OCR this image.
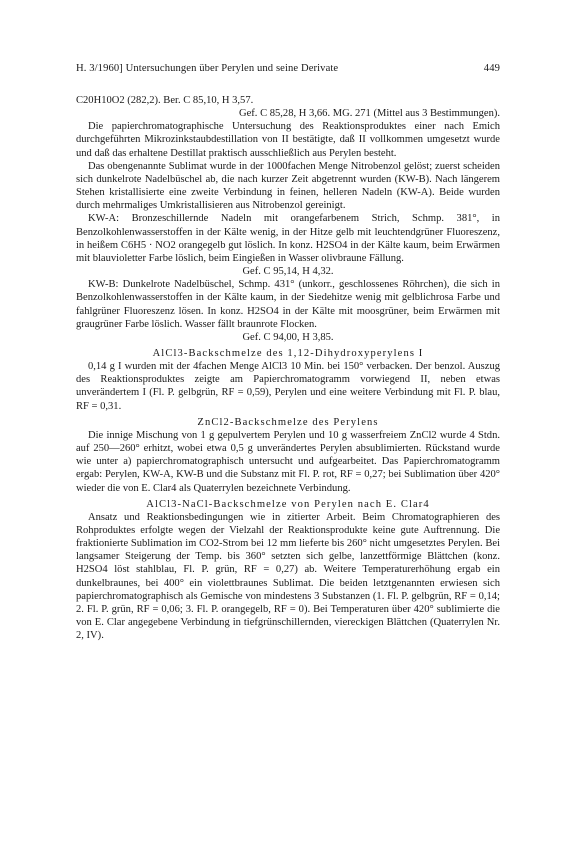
H. 3/1960] Untersuchungen über Perylen und seine Derivate	449

C20H10O2 (282,2). Ber. C 85,10, H 3,57.

Gef. C 85,28, H 3,66. MG. 271 (Mittel aus 3 Bestimmungen).

Die papierchromatographische Untersuchung des Reaktionsproduktes einer nach Emich durchgeführten Mikrozinkstaubdestillation von II bestätigte, daß II vollkommen umgesetzt wurde und daß das erhaltene Destillat praktisch ausschließlich aus Perylen besteht.

Das obengenannte Sublimat wurde in der 1000fachen Menge Nitrobenzol gelöst; zuerst scheiden sich dunkelrote Nadelbüschel ab, die nach kurzer Zeit abgetrennt wurden (KW-B). Nach längerem Stehen kristallisierte eine zweite Verbindung in feinen, helleren Nadeln (KW-A). Beide wurden durch mehrmaliges Umkristallisieren aus Nitrobenzol gereinigt.

KW-A: Bronzeschillernde Nadeln mit orangefarbenem Strich, Schmp. 381°, in Benzolkohlenwasserstoffen in der Kälte wenig, in der Hitze gelb mit leuchtendgrüner Fluoreszenz, in heißem C6H5 · NO2 orangegelb gut löslich. In konz. H2SO4 in der Kälte kaum, beim Erwärmen mit blauvioletter Farbe löslich, beim Eingießen in Wasser olivbraune Fällung.

Gef. C 95,14, H 4,32.

KW-B: Dunkelrote Nadelbüschel, Schmp. 431° (unkorr., geschlossenes Röhrchen), die sich in Benzolkohlenwasserstoffen in der Kälte kaum, in der Siedehitze wenig mit gelblichrosa Farbe und fahlgrüner Fluoreszenz lösen. In konz. H2SO4 in der Kälte mit moosgrüner, beim Erwärmen mit graugrüner Farbe löslich. Wasser fällt braunrote Flocken.

Gef. C 94,00, H 3,85.

AlCl3-Backschmelze des 1,12-Dihydroxyperylens I

0,14 g I wurden mit der 4fachen Menge AlCl3 10 Min. bei 150° verbacken. Der benzol. Auszug des Reaktionsproduktes zeigte am Papierchromatogramm vorwiegend II, neben etwas unverändertem I (Fl. P. gelbgrün, RF = 0,59), Perylen und eine weitere Verbindung mit Fl. P. blau, RF = 0,31.

ZnCl2-Backschmelze des Perylens

Die innige Mischung von 1 g gepulvertem Perylen und 10 g wasserfreiem ZnCl2 wurde 4 Stdn. auf 250—260° erhitzt, wobei etwa 0,5 g unverändertes Perylen absublimierten. Rückstand wurde wie unter a) papierchromatographisch untersucht und aufgearbeitet. Das Papierchromatogramm ergab: Perylen, KW-A, KW-B und die Substanz mit Fl. P. rot, RF = 0,27; bei Sublimation über 420° wieder die von E. Clar4 als Quaterrylen bezeichnete Verbindung.

AlCl3-NaCl-Backschmelze von Perylen nach E. Clar4

Ansatz und Reaktionsbedingungen wie in zitierter Arbeit. Beim Chromatographieren des Rohproduktes erfolgte wegen der Vielzahl der Reaktionsprodukte keine gute Auftrennung. Die fraktionierte Sublimation im CO2-Strom bei 12 mm lieferte bis 260° nicht umgesetztes Perylen. Bei langsamer Steigerung der Temp. bis 360° setzten sich gelbe, lanzettförmige Blättchen (konz. H2SO4 löst stahlblau, Fl. P. grün, RF = 0,27) ab. Weitere Temperaturerhöhung ergab ein dunkelbraunes, bei 400° ein violettbraunes Sublimat. Die beiden letztgenannten erwiesen sich papierchromatographisch als Gemische von mindestens 3 Substanzen (1. Fl. P. gelbgrün, RF = 0,14; 2. Fl. P. grün, RF = 0,06; 3. Fl. P. orangegelb, RF = 0). Bei Temperaturen über 420° sublimierte die von E. Clar angegebene Verbindung in tiefgrünschillernden, viereckigen Blättchen (Quaterrylen Nr. 2, IV).
